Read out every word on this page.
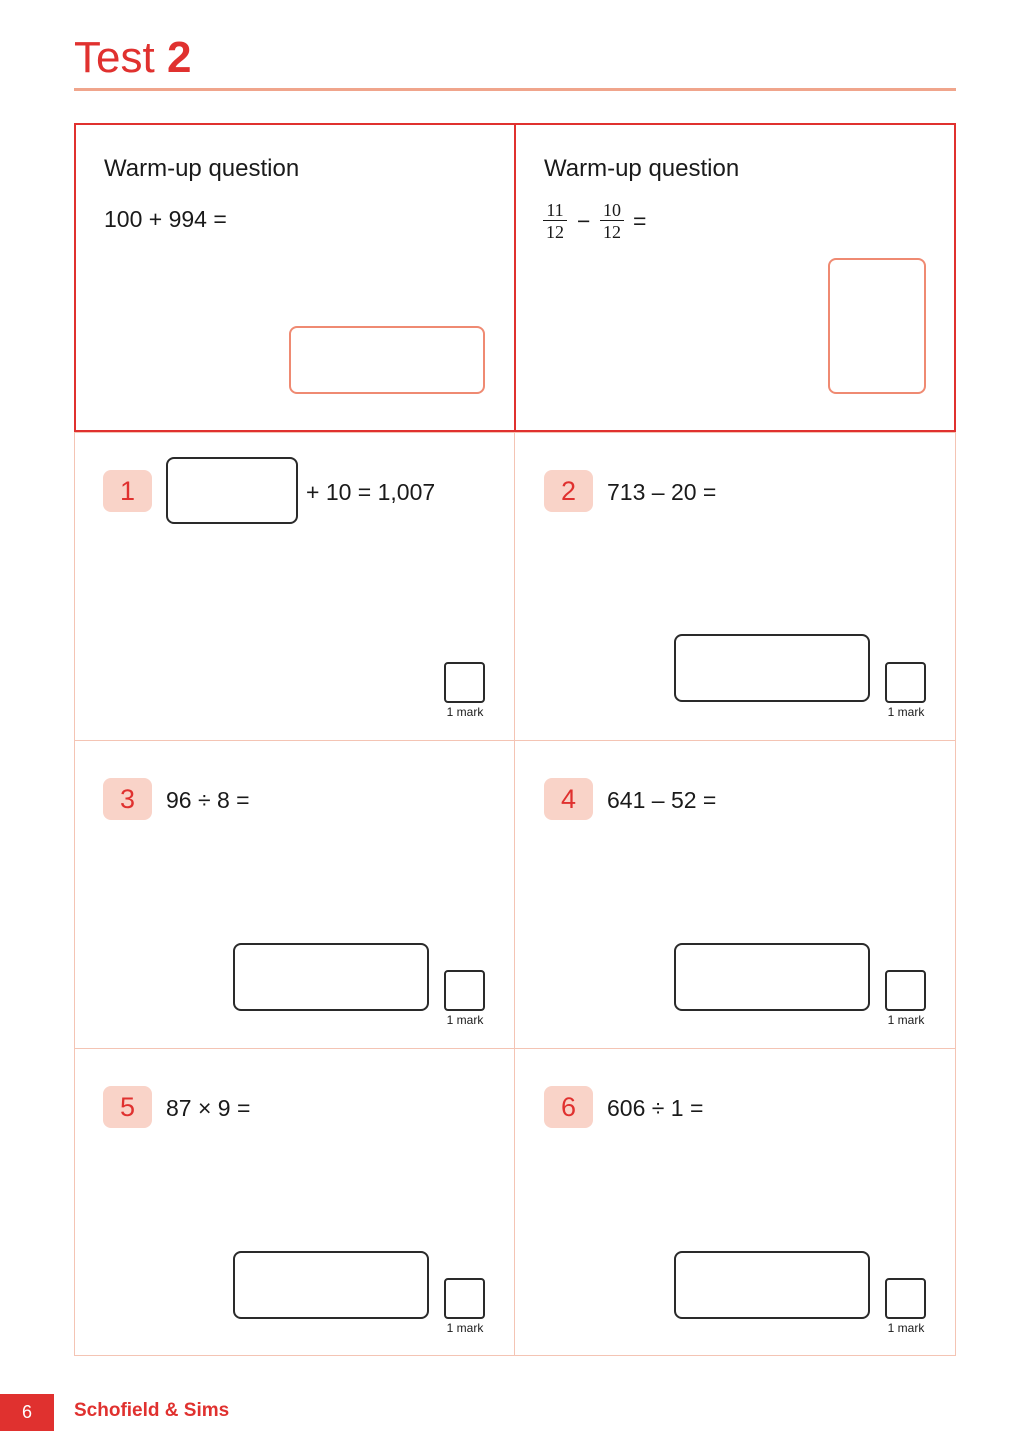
Test 2
Warm-up question
100 + 994 =
Warm-up question
$\frac{11}{12} - \frac{10}{12}$ =
1	+ 10 = 1,007
1 mark
2	713 – 20 =
1 mark
3	96 ÷ 8 =
1 mark
4	641 – 52 =
1 mark
5	87 × 9 =
1 mark
6	606 ÷ 1 =
1 mark
6	Schofield & Sims
